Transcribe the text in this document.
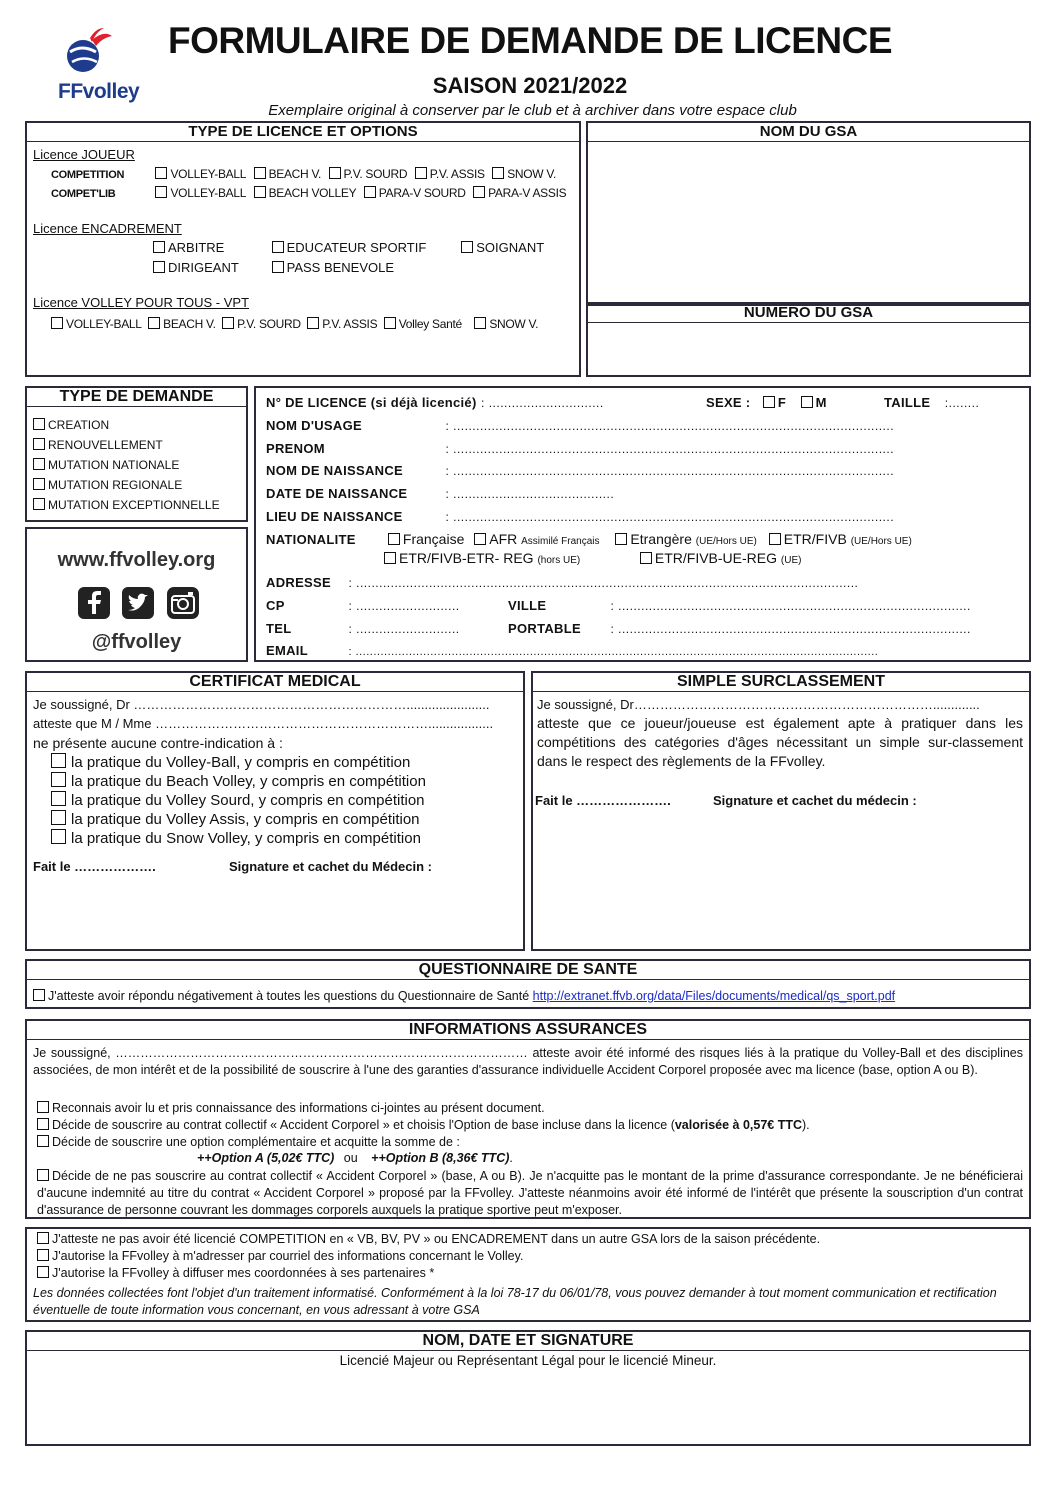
FFvolley
FORMULAIRE DE DEMANDE DE LICENCE
SAISON 2021/2022
Exemplaire original à conserver par le club et à archiver dans votre espace club
TYPE DE LICENCE ET OPTIONS
Licence JOUEUR
COMPETITION	VOLLEY-BALL BEACH V. P.V. SOURD P.V. ASSIS SNOW V.
COMPET'LIB	VOLLEY-BALL BEACH VOLLEY PARA-V SOURD PARA-V ASSIS
Licence ENCADREMENT
ARBITRE	EDUCATEUR SPORTIF	SOIGNANT
DIRIGEANT	PASS BENEVOLE
Licence VOLLEY POUR TOUS - VPT
VOLLEY-BALL BEACH V. P.V. SOURD P.V. ASSIS Volley Santé SNOW V.
NOM DU GSA
NUMERO DU GSA
TYPE DE DEMANDE
CREATION
RENOUVELLEMENT
MUTATION NATIONALE
MUTATION REGIONALE
MUTATION EXCEPTIONNELLE
www.ffvolley.org

@ffvolley
N° DE LICENCE (si déjà licencié) : ..............................	SEXE : F M	TAILLE :........
NOM D'USAGE	: ...................................................................................................................
PRENOM	: ...................................................................................................................
NOM DE NAISSANCE	: ...................................................................................................................
DATE DE NAISSANCE	: ..........................................
LIEU DE NAISSANCE	: ...................................................................................................................
NATIONALITE	Française AFR Assimilé Français Etrangère (UE/Hors UE) ETR/FIVB (UE/Hors UE)
ETR/FIVB-ETR- REG (hors UE)	ETR/FIVB-UE-REG (UE)
ADRESSE : ...................................................................................................................................
CP	: ...........................	VILLE	: ............................................................................................
TEL	: ...........................	PORTABLE : ............................................................................................
EMAIL	: ...................................................................................................................................................
CERTIFICAT MEDICAL
Je soussigné, Dr ……………………………………………………….......................
atteste que M / Mme ………………………………………………………..................
ne présente aucune contre-indication à :
la pratique du Volley-Ball, y compris en compétition
la pratique du Beach Volley, y compris en compétition
la pratique du Volley Sourd, y compris en compétition
la pratique du Volley Assis, y compris en compétition
la pratique du Snow Volley, y compris en compétition
Fait le ……………….	Signature et cachet du Médecin :
SIMPLE SURCLASSEMENT
Je soussigné, Dr…………………………………………………………….............
atteste que ce joueur/joueuse est également apte à pratiquer dans les compétitions des catégories d'âges nécessitant un simple sur-classement dans le respect des règlements de la FFvolley.
Fait le ………………….	Signature et cachet du médecin :
QUESTIONNAIRE DE SANTE
J'atteste avoir répondu négativement à toutes les questions du Questionnaire de Santé http://extranet.ffvb.org/data/Files/documents/medical/qs_sport.pdf
INFORMATIONS ASSURANCES
Je soussigné, ……………………………………………………………………………………… atteste avoir été informé des risques liés à la pratique du Volley-Ball et des disciplines associées, de mon intérêt et de la possibilité de souscrire à l'une des garanties d'assurance individuelle Accident Corporel proposée avec ma licence (base, option A ou B).
Reconnais avoir lu et pris connaissance des informations ci-jointes au présent document.
Décide de souscrire au contrat collectif « Accident Corporel » et choisis l'Option de base incluse dans la licence (valorisée à 0,57€ TTC).
Décide de souscrire une option complémentaire et acquitte la somme de :
++Option A (5,02€ TTC) ou ++Option B (8,36€ TTC).
Décide de ne pas souscrire au contrat collectif « Accident Corporel » (base, A ou B). Je n'acquitte pas le montant de la prime d'assurance correspondante. Je ne bénéficierai d'aucune indemnité au titre du contrat « Accident Corporel » proposé par la FFvolley. J'atteste néanmoins avoir été informé de l'intérêt que présente la souscription d'un contrat d'assurance de personne couvrant les dommages corporels auxquels la pratique sportive peut m'exposer.
J'atteste ne pas avoir été licencié COMPETITION en « VB, BV, PV » ou ENCADREMENT dans un autre GSA lors de la saison précédente.
J'autorise la FFvolley à m'adresser par courriel des informations concernant le Volley.
J'autorise la FFvolley à diffuser mes coordonnées à ses partenaires *
Les données collectées font l'objet d'un traitement informatisé. Conformément à la loi 78-17 du 06/01/78, vous pouvez demander à tout moment communication et rectification éventuelle de toute information vous concernant, en vous adressant à votre GSA
NOM, DATE ET SIGNATURE
Licencié Majeur ou Représentant Légal pour le licencié Mineur.
